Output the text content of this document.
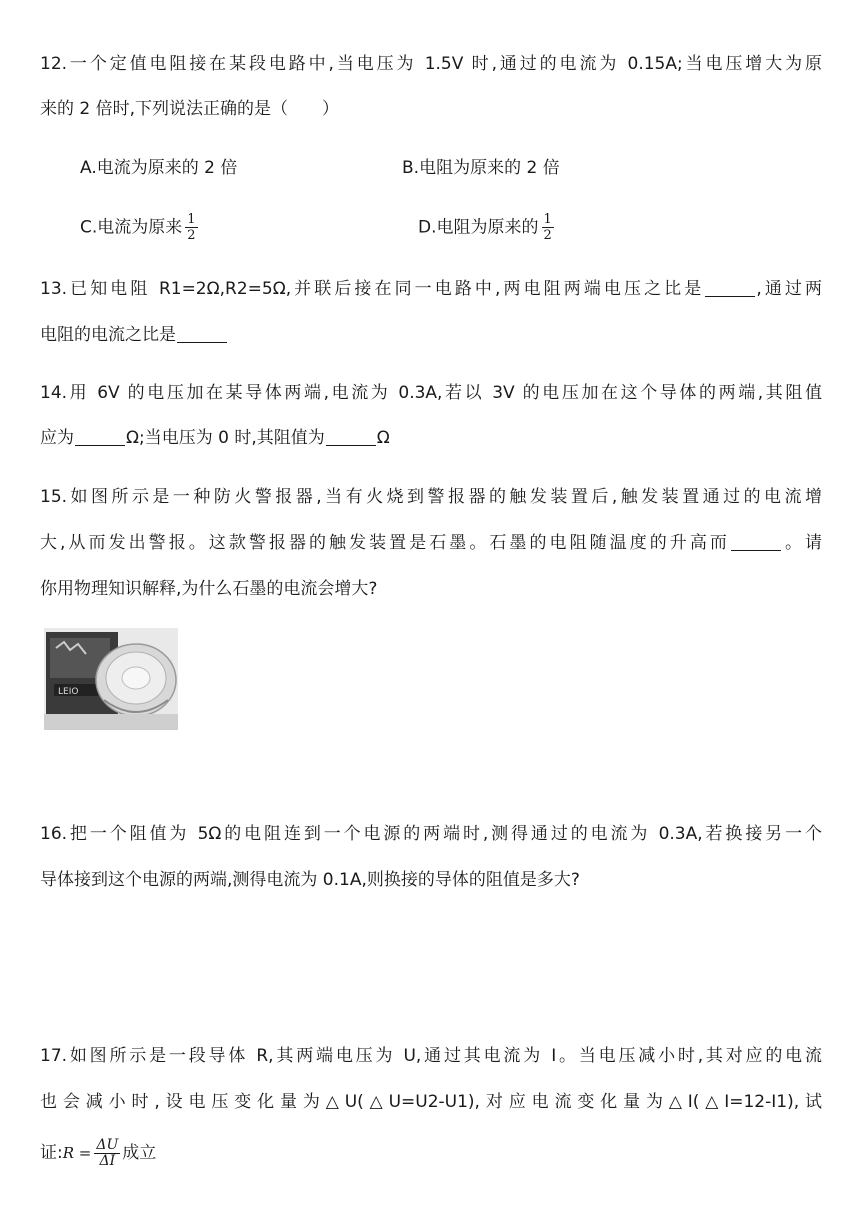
12.一个定值电阻接在某段电路中,当电压为 1.5V 时,通过的电流为 0.15A;当电压增大为原
来的 2 倍时,下列说法正确的是（　　）
A.电流为原来的 2 倍	B.电阻为原来的 2 倍
C.电流为原来 $\frac{1}{2}$	D.电阻为原来的 $\frac{1}{2}$
13.已知电阻 R1=2Ω,R2=5Ω,并联后接在同一电路中,两电阻两端电压之比是	,通过两
电阻的电流之比是
14.用 6V 的电压加在某导体两端,电流为 0.3A,若以 3V 的电压加在这个导体的两端,其阻值
应为	Ω;当电压为 0 时,其阻值为	Ω
15.如图所示是一种防火警报器,当有火烧到警报器的触发装置后,触发装置通过的电流增
大,从而发出警报。这款警报器的触发装置是石墨。石墨的电阻随温度的升高而	。请
你用物理知识解释,为什么石墨的电流会增大?
LEIO
16.把一个阻值为 5Ω的电阻连到一个电源的两端时,测得通过的电流为 0.3A,若换接另一个
导体接到这个电源的两端,测得电流为 0.1A,则换接的导体的阻值是多大?
17.如图所示是一段导体 R,其两端电压为 U,通过其电流为 I。当电压减小时,其对应的电流
也会减小时,设电压变化量为△U(△U=U2-U1),对应电流变化量为△I(△I=12-I1),试
证:R = $\frac{\Delta U}{\Delta I}$ 成立
